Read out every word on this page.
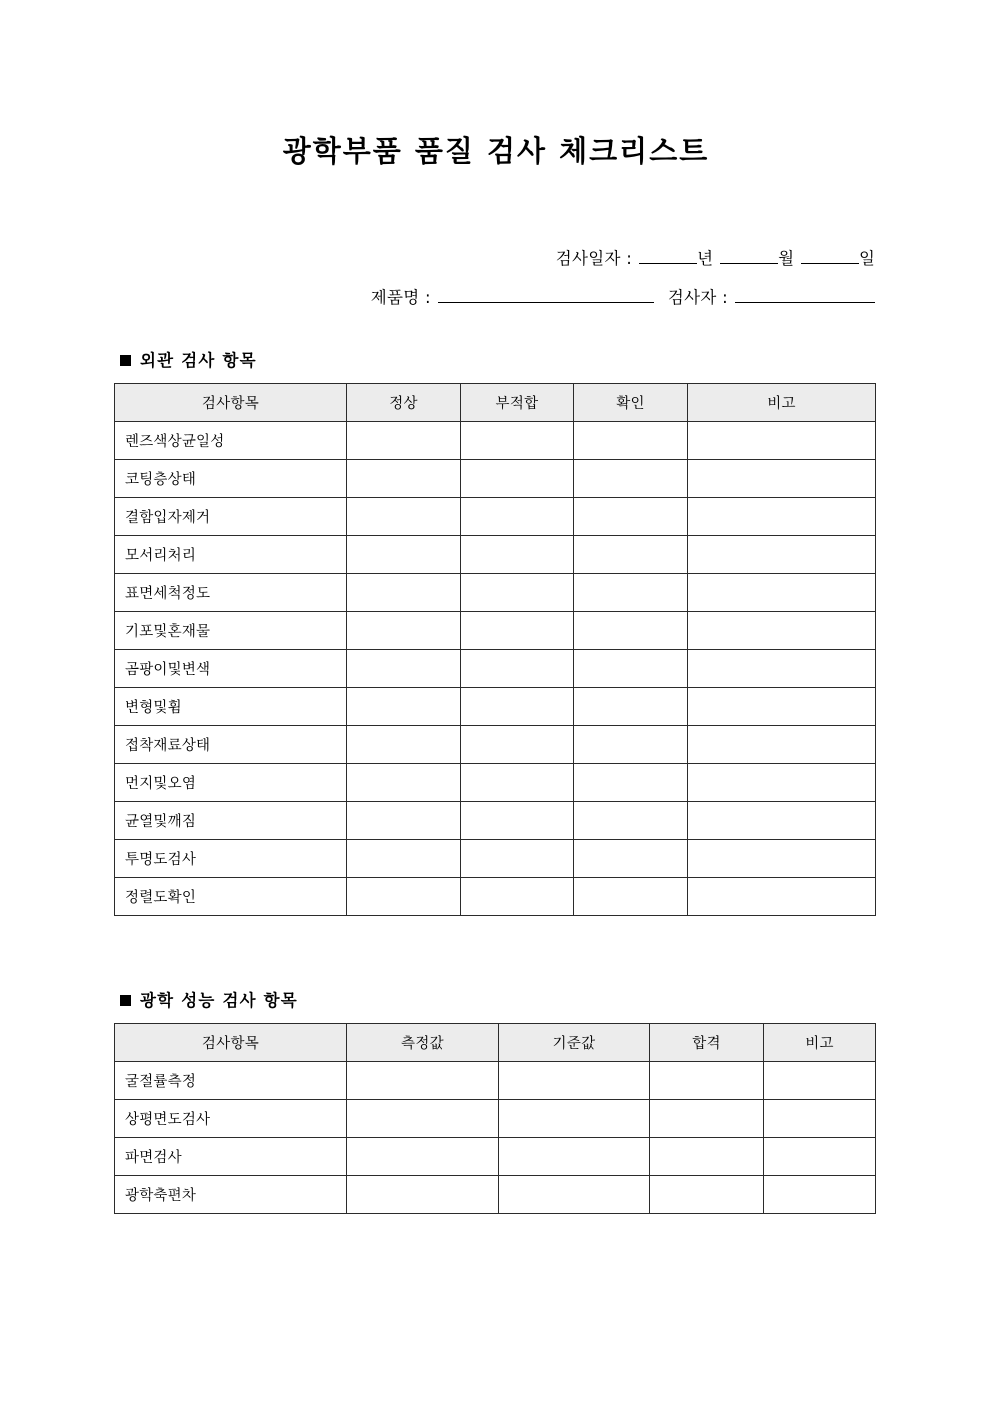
광학부품 품질 검사 체크리스트
검사일자 :	년	월	일
제품명 :	검사자 :
외관 검사 항목
검사항목	정상	부적합	확인	비고
렌즈색상균일성				
코팅층상태				
결함입자제거				
모서리처리				
표면세척정도				
기포및혼재물				
곰팡이및변색				
변형및휨				
접착재료상태				
먼지및오염				
균열및깨짐				
투명도검사				
정렬도확인				
광학 성능 검사 항목
검사항목	측정값	기준값	합격	비고
굴절률측정				
상평면도검사				
파면검사				
광학축편차				
